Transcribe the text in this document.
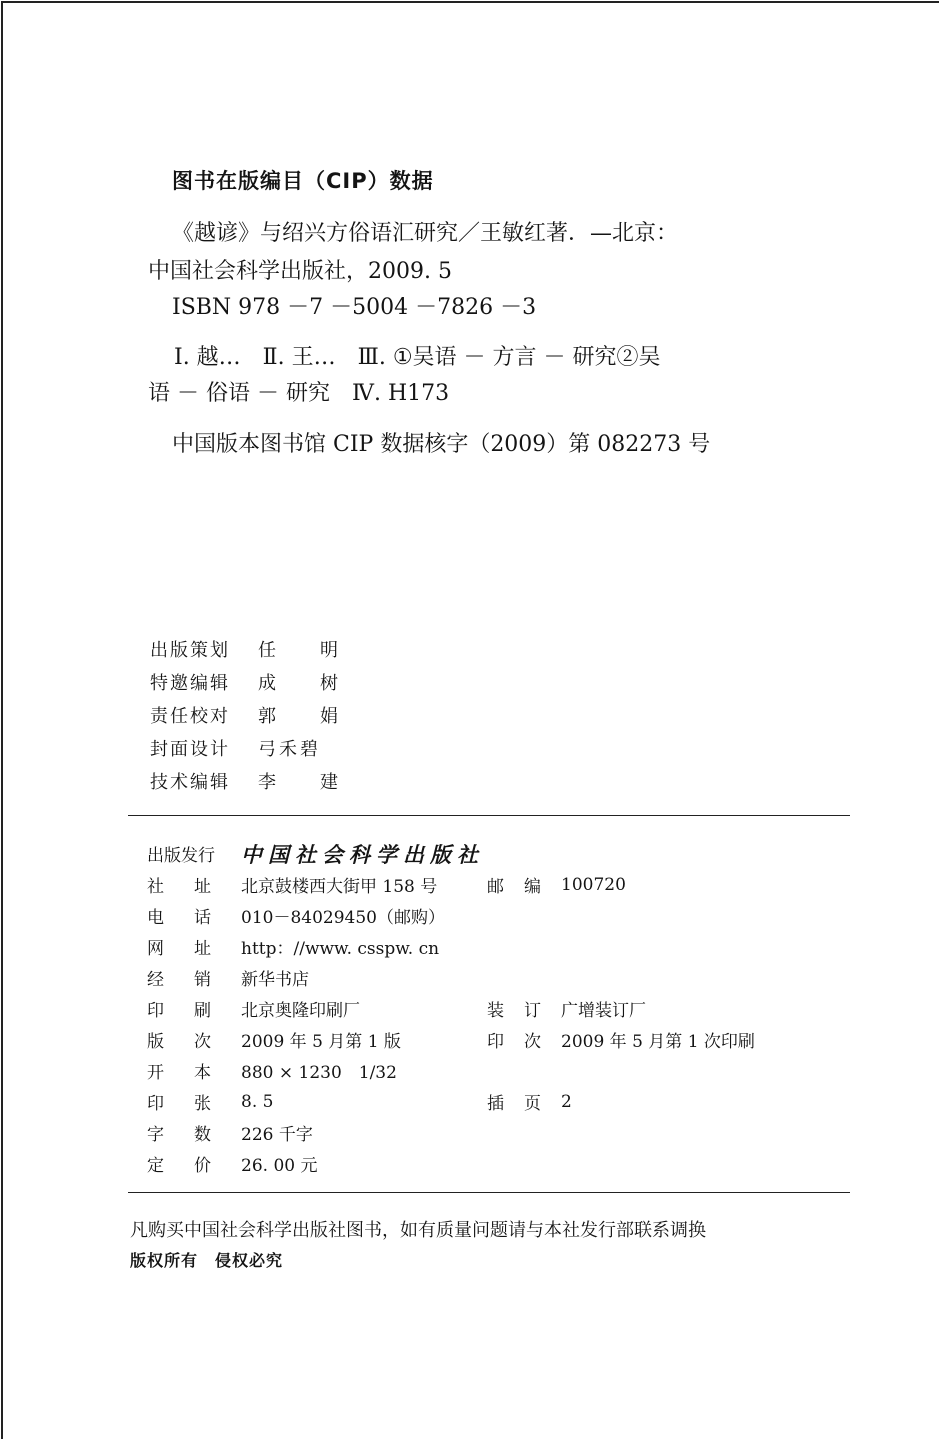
图书在版编目（CIP）数据
《越谚》与绍兴方俗语汇研究／王敏红著．—北京：
中国社会科学出版社，2009. 5
ISBN 978 －7 －5004 －7826 －3
Ⅰ. 越…　Ⅱ. 王…　Ⅲ. ①吴语 － 方言 － 研究②吴
语 － 俗语 － 研究　Ⅳ. H173
中国版本图书馆 CIP 数据核字（2009）第 082273 号
出版策划	任 明
特邀编辑	成 树
责任校对	郭 娟
封面设计	弓禾碧
技术编辑	李 建
出版发行 中国社会科学出版社
社	址	北京鼓楼西大街甲 158 号	邮	编	100720
电	话	010－84029450（邮购）
网	址	http：//www. csspw. cn
经	销	新华书店
印	刷	北京奥隆印刷厂	装	订	广增装订厂
版	次	2009 年 5 月第 1 版	印	次	2009 年 5 月第 1 次印刷
开	本	880 × 1230　1/32
印	张	8. 5	插	页	2
字	数	226 千字
定	价	26. 00 元
凡购买中国社会科学出版社图书，如有质量问题请与本社发行部联系调换
版权所有　侵权必究
